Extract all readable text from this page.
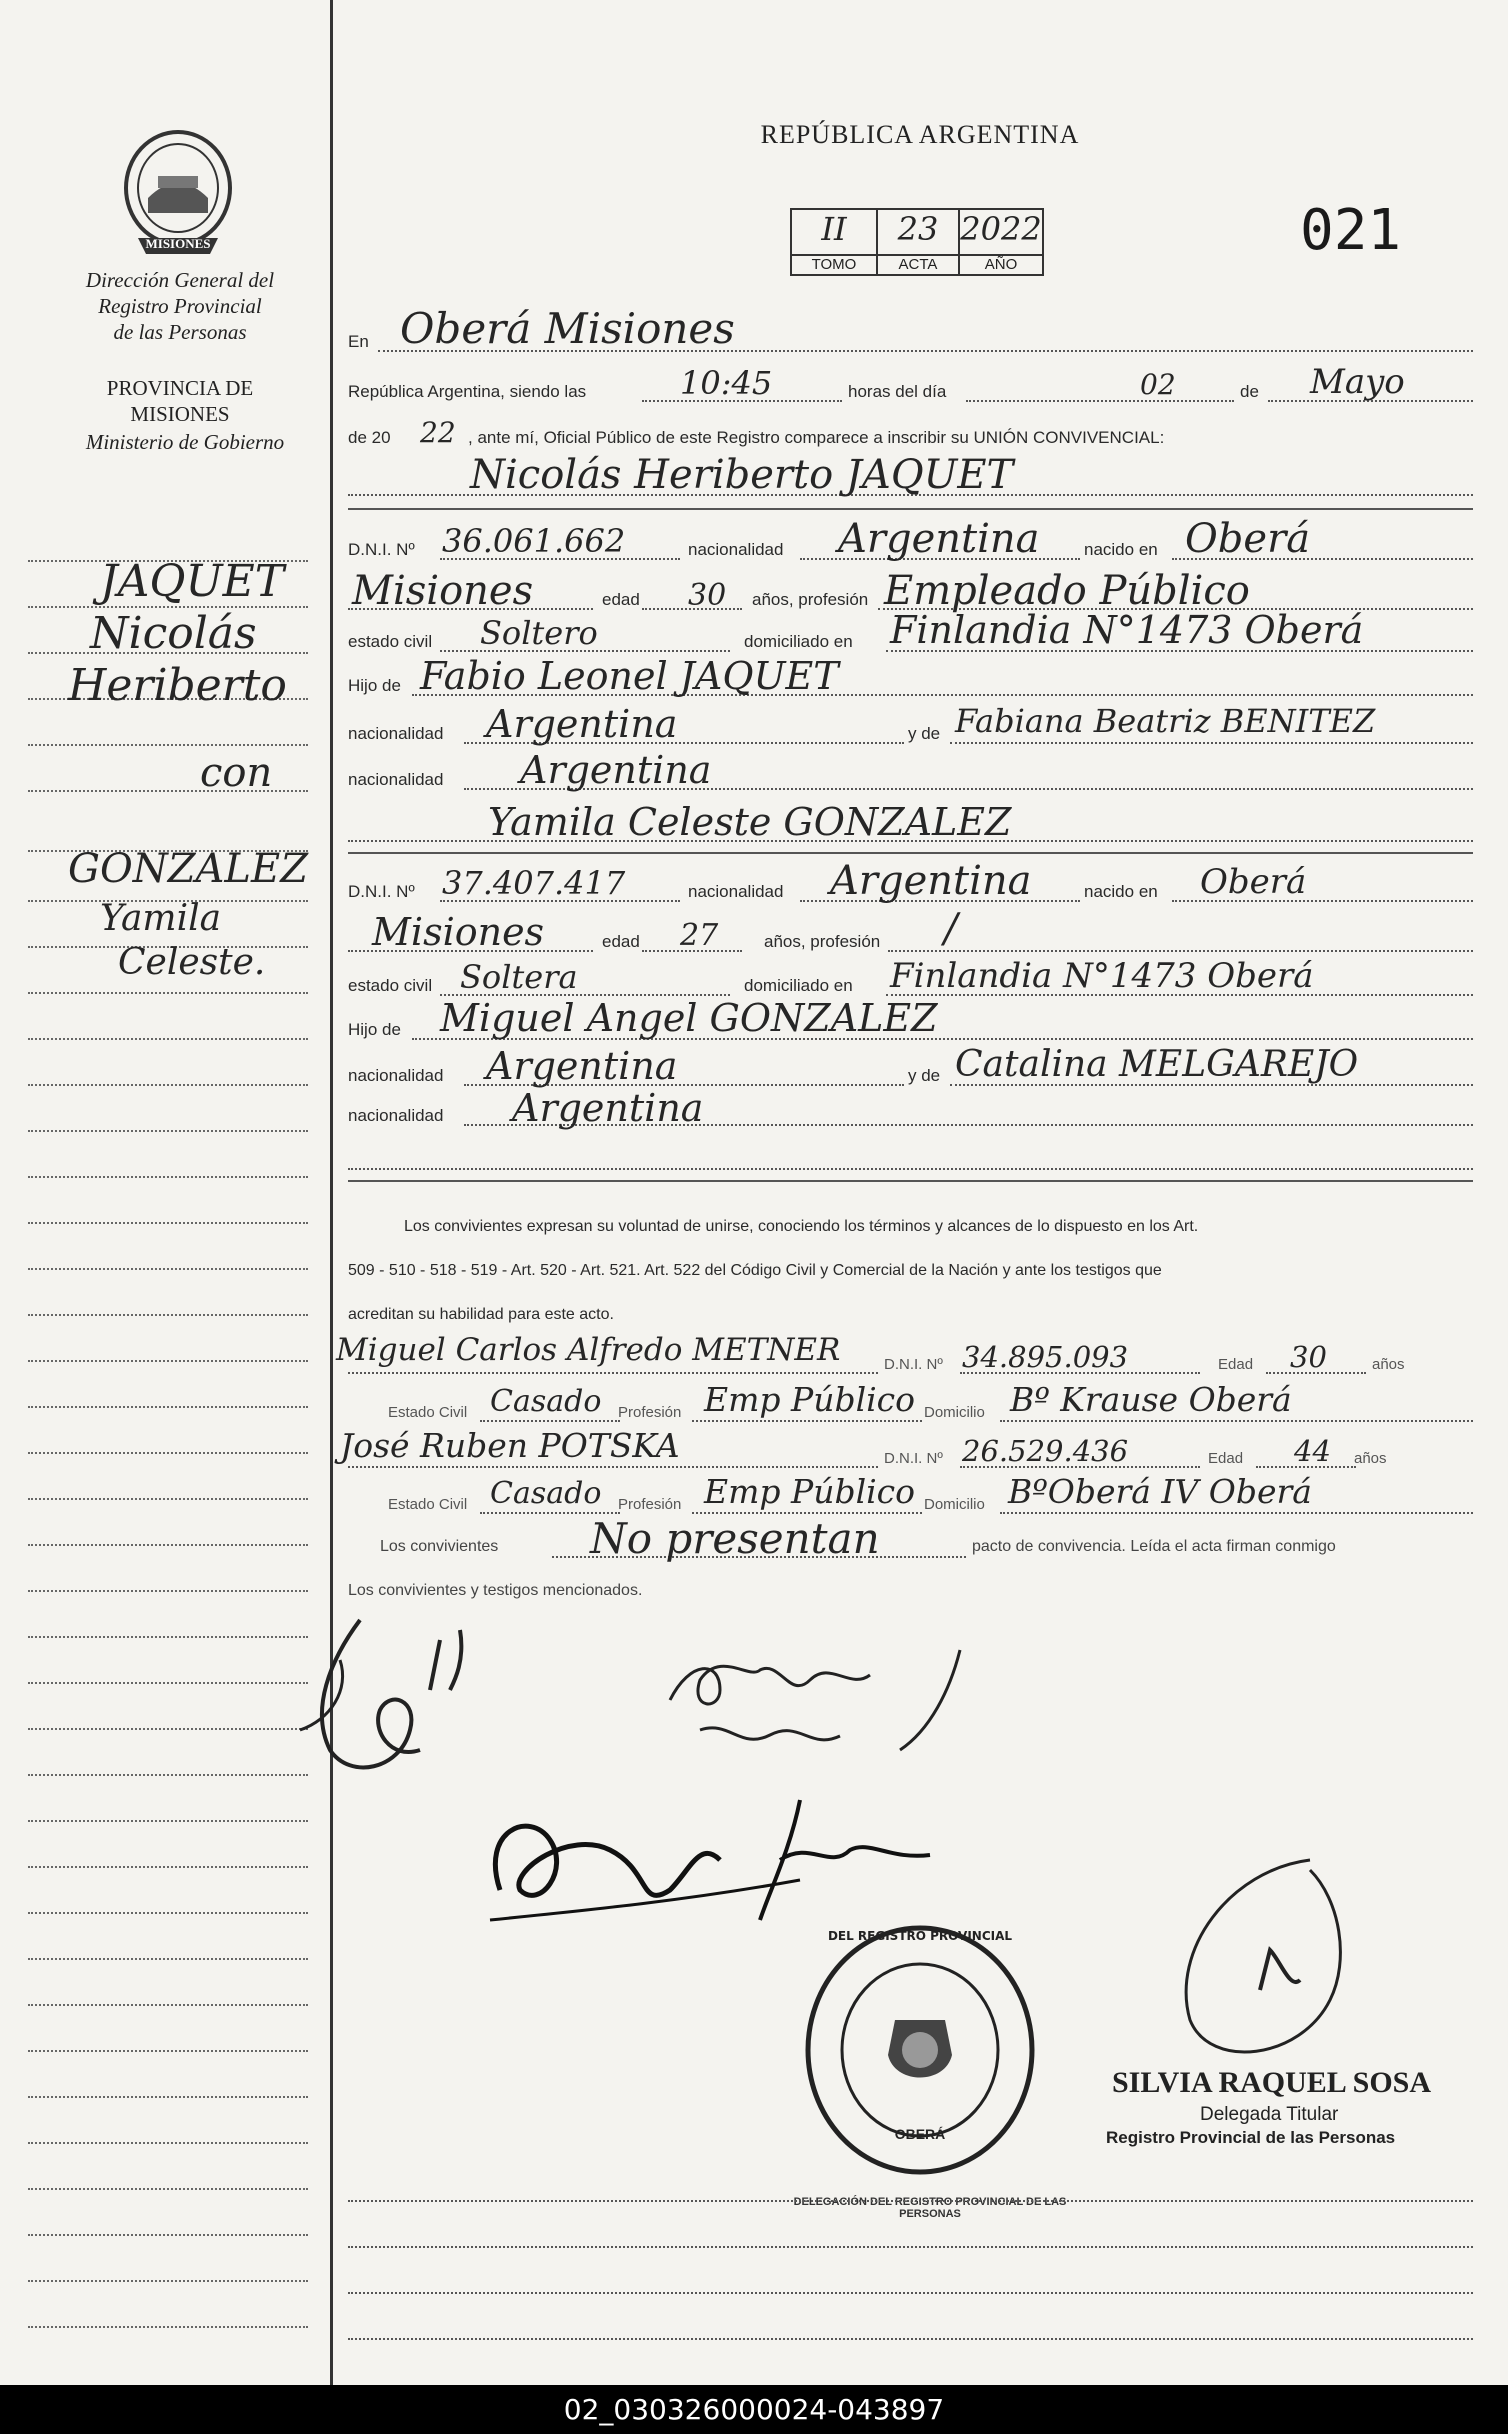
MISIONES
Dirección General del
Registro Provincial
de las Personas
PROVINCIA DE
MISIONES
Ministerio de Gobierno
JAQUET
Nicolás
Heriberto
con
GONZALEZ
Yamila
Celeste.
REPÚBLICA ARGENTINA
II	23 2022
TOMO	ACTA	AÑO
021
En Oberá Misiones
República Argentina, siendo las	10:45	horas del día	02	de Mayo
de 20 22 , ante mí, Oficial Público de este Registro comparece a inscribir su UNIÓN CONVIVENCIAL:
Nicolás Heriberto JAQUET
D.N.I. Nº 36.061.662	nacionalidad Argentina	nacido en Oberá
Misiones	edad 30 años, profesión Empleado Público
estado civil Soltero	domiciliado en Finlandia N°1473 Oberá
Hijo de Fabio Leonel JAQUET
nacionalidad Argentina	y de Fabiana Beatriz BENITEZ
nacionalidad Argentina
Yamila Celeste GONZALEZ
D.N.I. Nº 37.407.417	nacionalidad Argentina	nacido en Oberá
Misiones	edad 27	años, profesión /
estado civil Soltera	domiciliado en Finlandia N°1473 Oberá
Hijo de Miguel Angel GONZALEZ
nacionalidad Argentina	y de Catalina MELGAREJO
nacionalidad Argentina
Los convivientes expresan su voluntad de unirse, conociendo los términos y alcances de lo dispuesto en los Art.
509 - 510 - 518 - 519 - Art. 520 - Art. 521. Art. 522 del Código Civil y Comercial de la Nación y ante los testigos que
acreditan su habilidad para este acto.
Miguel Carlos Alfredo METNER	D.N.I. Nº 34.895.093	Edad 30	años
Estado Civil Casado Profesión Emp Público Domicilio Bº Krause Oberá
José Ruben POTSKA	D.N.I. Nº 26.529.436	Edad 44 años
Estado Civil Casado Profesión Emp Público Domicilio BºOberá IV Oberá
Los convivientes No presentan	pacto de convivencia. Leída el acta firman conmigo
Los convivientes y testigos mencionados.
DEL REGISTRO PROVINCIAL
DELEGACIÓN DEL REGISTRO PROVINCIAL DE LAS PERSONAS
OBERÁ
SILVIA RAQUEL SOSA
Delegada Titular
Registro Provincial de las Personas
02_030326000024-043897
